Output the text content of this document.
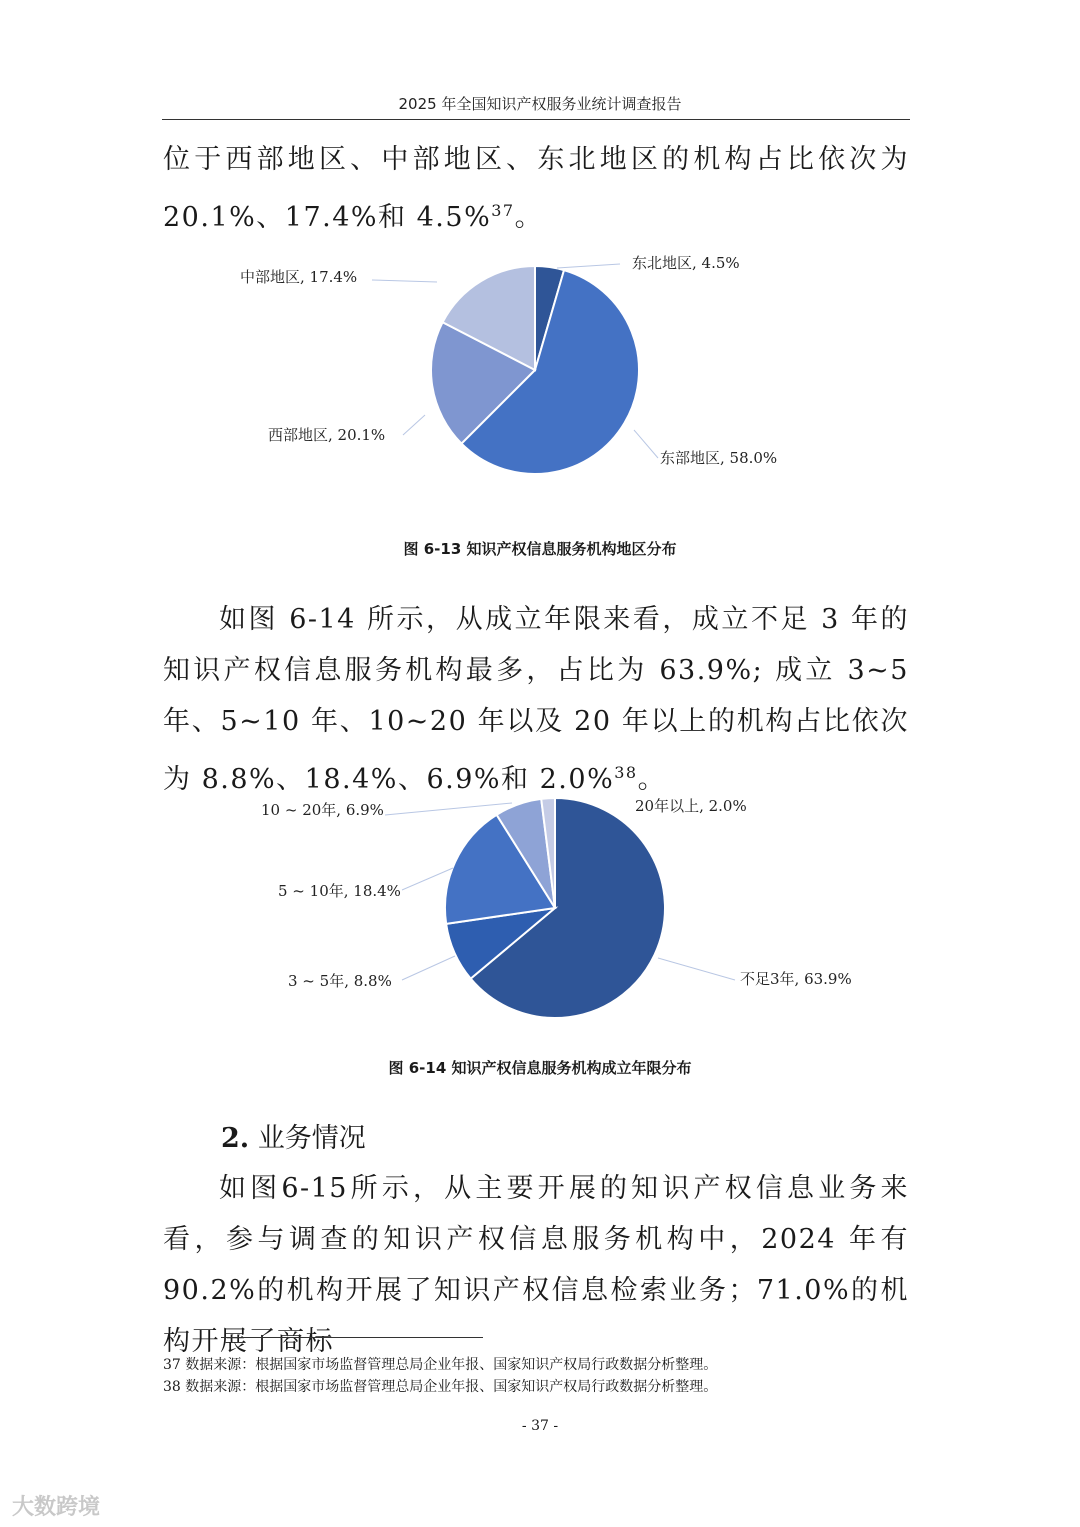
2025 年全国知识产权服务业统计调查报告
位于西部地区、中部地区、东北地区的机构占比依次为 20.1%、17.4%和 4.5%$^{37}$。
东北地区, 4.5%
中部地区, 17.4%
西部地区, 20.1%
东部地区, 58.0%
图 6-13 知识产权信息服务机构地区分布
如图 6-14 所示，从成立年限来看，成立不足 3 年的知识产权信息服务机构最多，占比为 63.9%; 成立 3~5 年、5~10 年、10~20 年以及 20 年以上的机构占比依次为 8.8%、18.4%、6.9%和 2.0%$^{38}$。
20年以上, 2.0%
10 ~ 20年, 6.9%
5 ~ 10年, 18.4%
3 ~ 5年, 8.8%	不足3年, 63.9%
图 6-14 知识产权信息服务机构成立年限分布
2. 业务情况
如图6-15所示，从主要开展的知识产权信息业务来看，参与调查的知识产权信息服务机构中，2024 年有 90.2%的机构开展了知识产权信息检索业务；71.0%的机构开展了商标
37 数据来源：根据国家市场监督管理总局企业年报、国家知识产权局行政数据分析整理。
38 数据来源：根据国家市场监督管理总局企业年报、国家知识产权局行政数据分析整理。
- 37 -
大数跨境
